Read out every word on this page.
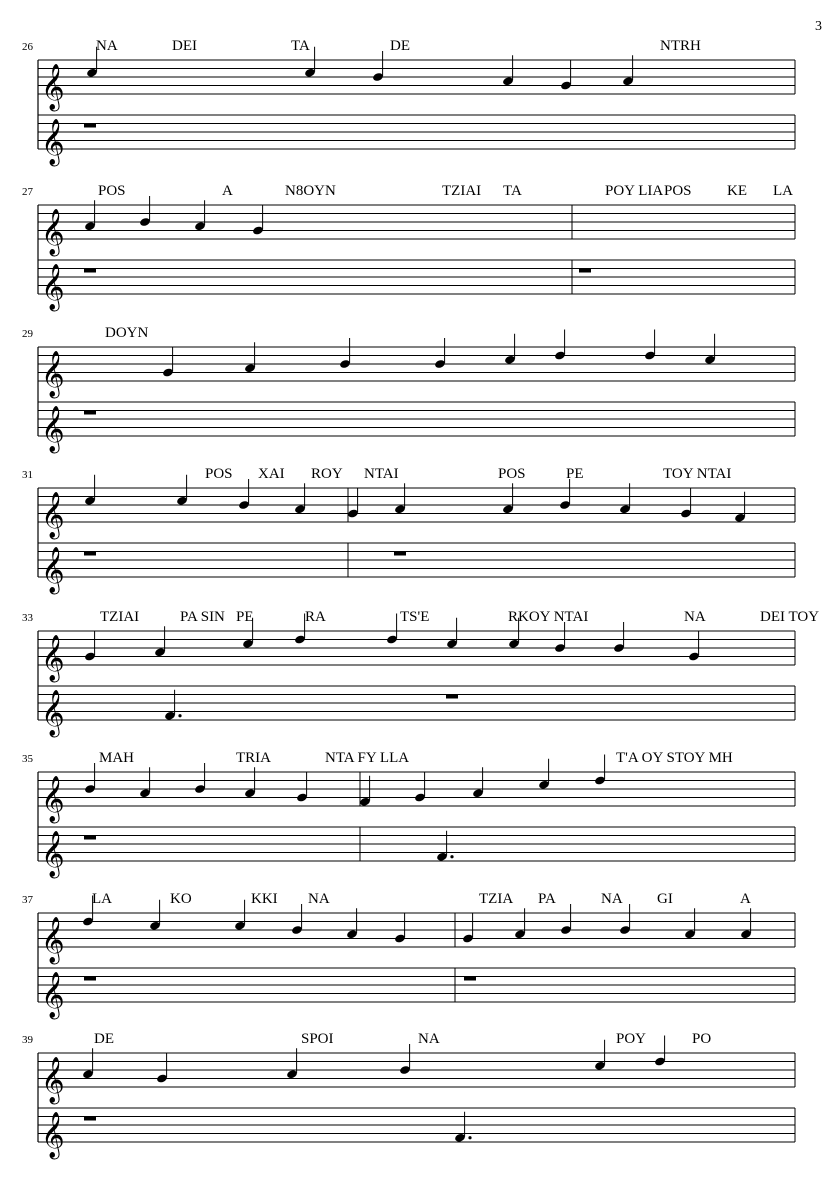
3
26
𝄞
𝄞
NA	DEI	TA	DE	NTRH
27
𝄞
𝄞
POS	A	N8OYN	TZIAI TA	POY LIA POS KE LA
29
𝄞
𝄞
DOYN
31
𝄞
𝄞
POS XAI ROY NTAI	POS	PE	TOY NTAI
33
𝄞
𝄞
TZIAI	PA SIN PE	RA	TS'E	RKOY NTAI	NA	DEI TOY
35
𝄞
𝄞
MAH	TRIA	NTA FY LLA	T'A OY STOY MH
37
𝄞
𝄞
LA	KO	KKI NA	TZIA PA	NA GI	A
39
𝄞
𝄞
DE	SPOI	NA	POY	PO
